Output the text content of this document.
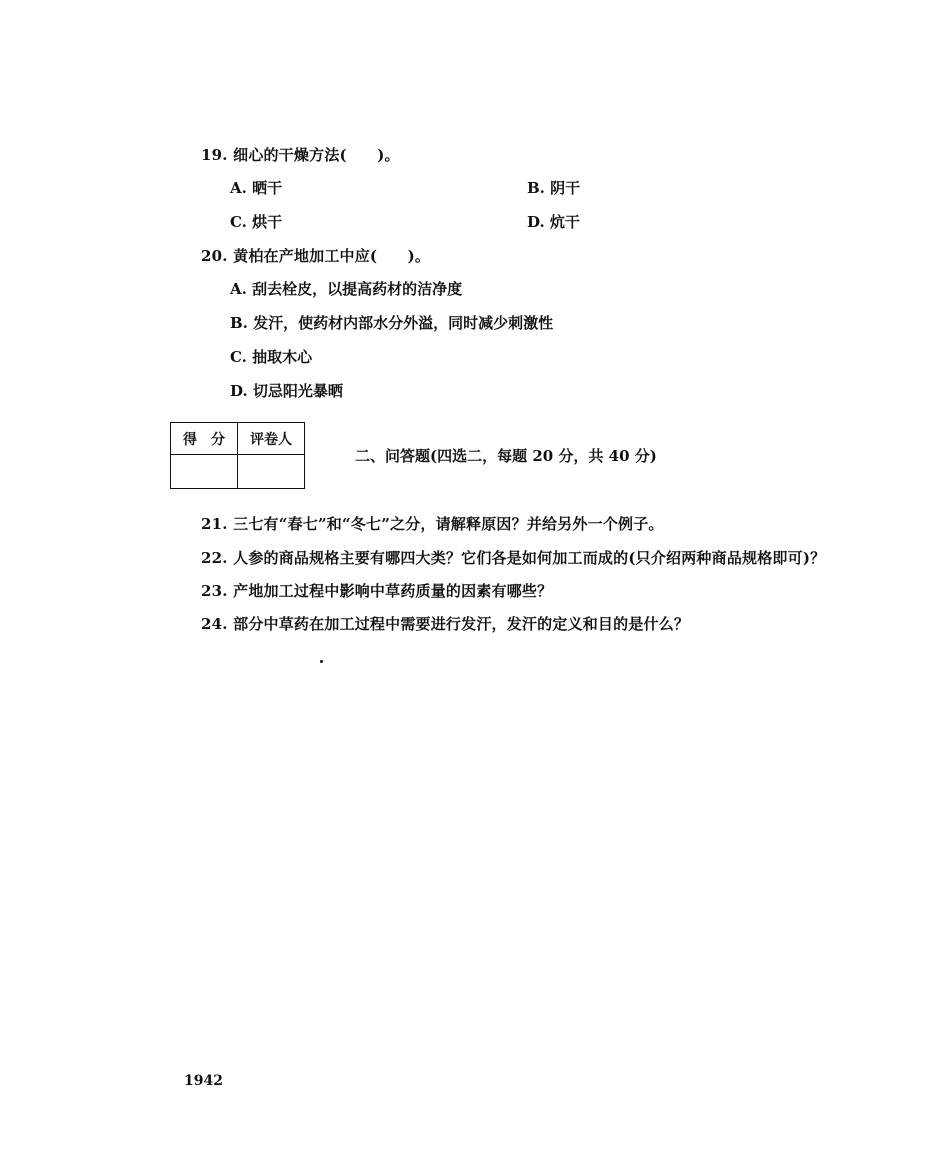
19. 细心的干燥方法(　　)。
A. 晒干	B. 阴干
C. 烘干	D. 炕干
20. 黄柏在产地加工中应(　　)。
A. 刮去栓皮，以提高药材的洁净度
B. 发汗，使药材内部水分外溢，同时减少刺激性
C. 抽取木心
D. 切忌阳光暴晒
得　分	评卷人

二、问答题(四选二，每题 20 分，共 40 分)
21. 三七有“春七”和“冬七”之分，请解释原因？并给另外一个例子。
22. 人参的商品规格主要有哪四大类？它们各是如何加工而成的(只介绍两种商品规格即可)？
23. 产地加工过程中影响中草药质量的因素有哪些？
24. 部分中草药在加工过程中需要进行发汗，发汗的定义和目的是什么？
1942
